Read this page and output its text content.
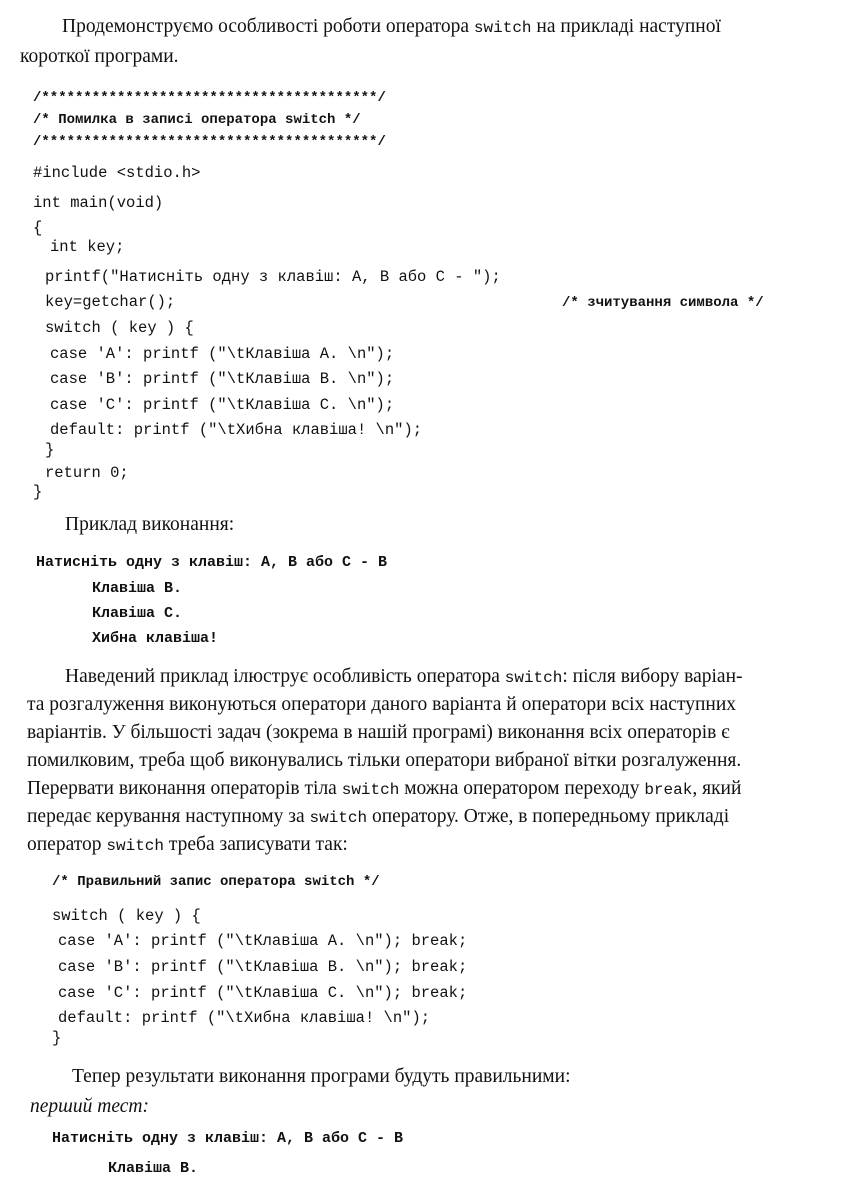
Продемонструємо особливості роботи оператора switch на прикладі наступної
короткої програми.
/****************************************/
/* Помилка в записі оператора switch */
/****************************************/
#include <stdio.h>
int main(void)
{
int key;
printf("Натисніть одну з клавіш: A, B або C - ");
key=getchar();	/* зчитування символа */
switch ( key ) {
case 'A': printf ("\tКлавіша A. \n");
case 'B': printf ("\tКлавіша B. \n");
case 'C': printf ("\tКлавіша C. \n");
default: printf ("\tХибна клавіша! \n");
}
return 0;
}
Приклад виконання:
Натисніть одну з клавіш: A, B або C - B
Клавіша B.
Клавіша C.
Хибна клавіша!
Наведений приклад ілюструє особливість оператора switch: після вибору варіан-
та розгалуження виконуються оператори даного варіанта й оператори всіх наступних
варіантів. У більшості задач (зокрема в нашій програмі) виконання всіх операторів є
помилковим, треба щоб виконувались тільки оператори вибраної вітки розгалуження.
Перервати виконання операторів тіла switch можна оператором переходу break, який
передає керування наступному за switch оператору. Отже, в попередньому прикладі
оператор switch треба записувати так:
/* Правильний запис оператора switch */
switch ( key ) {
case 'A': printf ("\tКлавіша A. \n"); break;
case 'B': printf ("\tКлавіша B. \n"); break;
case 'C': printf ("\tКлавіша C. \n"); break;
default: printf ("\tХибна клавіша! \n");
}
Тепер результати виконання програми будуть правильними:
перший тест:
Натисніть одну з клавіш: A, B або C - B
Клавіша B.
